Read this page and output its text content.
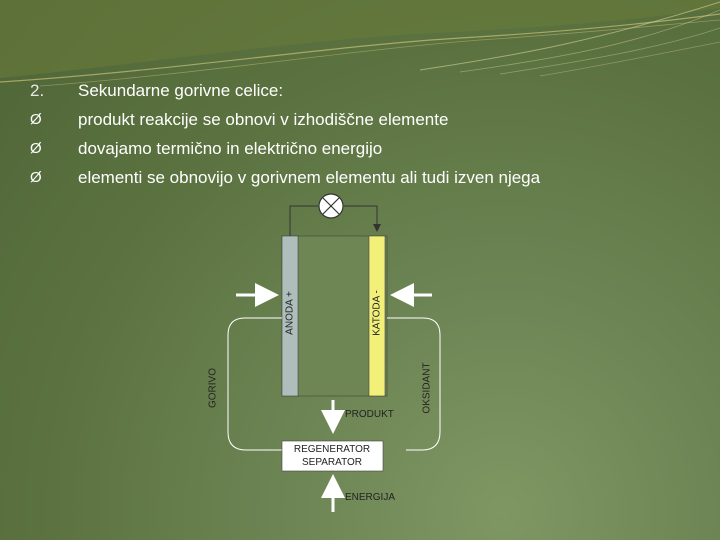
2.	Sekundarne gorivne celice:
Ø	produkt reakcije se obnovi v izhodiščne elemente
Ø	dovajamo termično in električno energijo
Ø	elementi se obnovijo v gorivnem elementu ali tudi izven njega
ANODA +	KATODA -
GORIVO	OKSIDANT
PRODUKT
REGENERATOR
SEPARATOR
ENERGIJA
